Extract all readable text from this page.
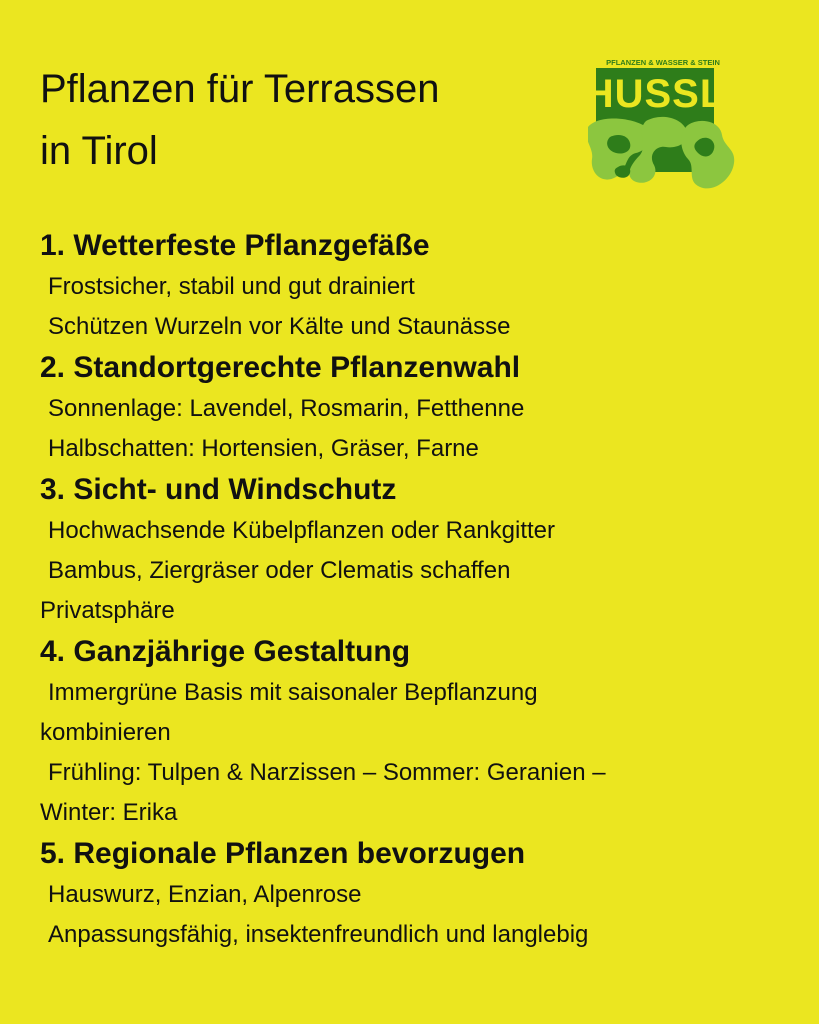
Pflanzen für Terrassen
in Tirol
PFLANZEN & WASSER & STEIN
HUSSL
1. Wetterfeste Pflanzgefäße

Frostsicher, stabil und gut drainiert

Schützen Wurzeln vor Kälte und Staunässe

2. Standortgerechte Pflanzenwahl

Sonnenlage: Lavendel, Rosmarin, Fetthenne

Halbschatten: Hortensien, Gräser, Farne

3. Sicht- und Windschutz

Hochwachsende Kübelpflanzen oder Rankgitter

Bambus, Ziergräser oder Clematis schaffen

Privatsphäre

4. Ganzjährige Gestaltung

Immergrüne Basis mit saisonaler Bepflanzung

kombinieren

Frühling: Tulpen & Narzissen – Sommer: Geranien –

Winter: Erika

5. Regionale Pflanzen bevorzugen

Hauswurz, Enzian, Alpenrose

Anpassungsfähig, insektenfreundlich und langlebig
